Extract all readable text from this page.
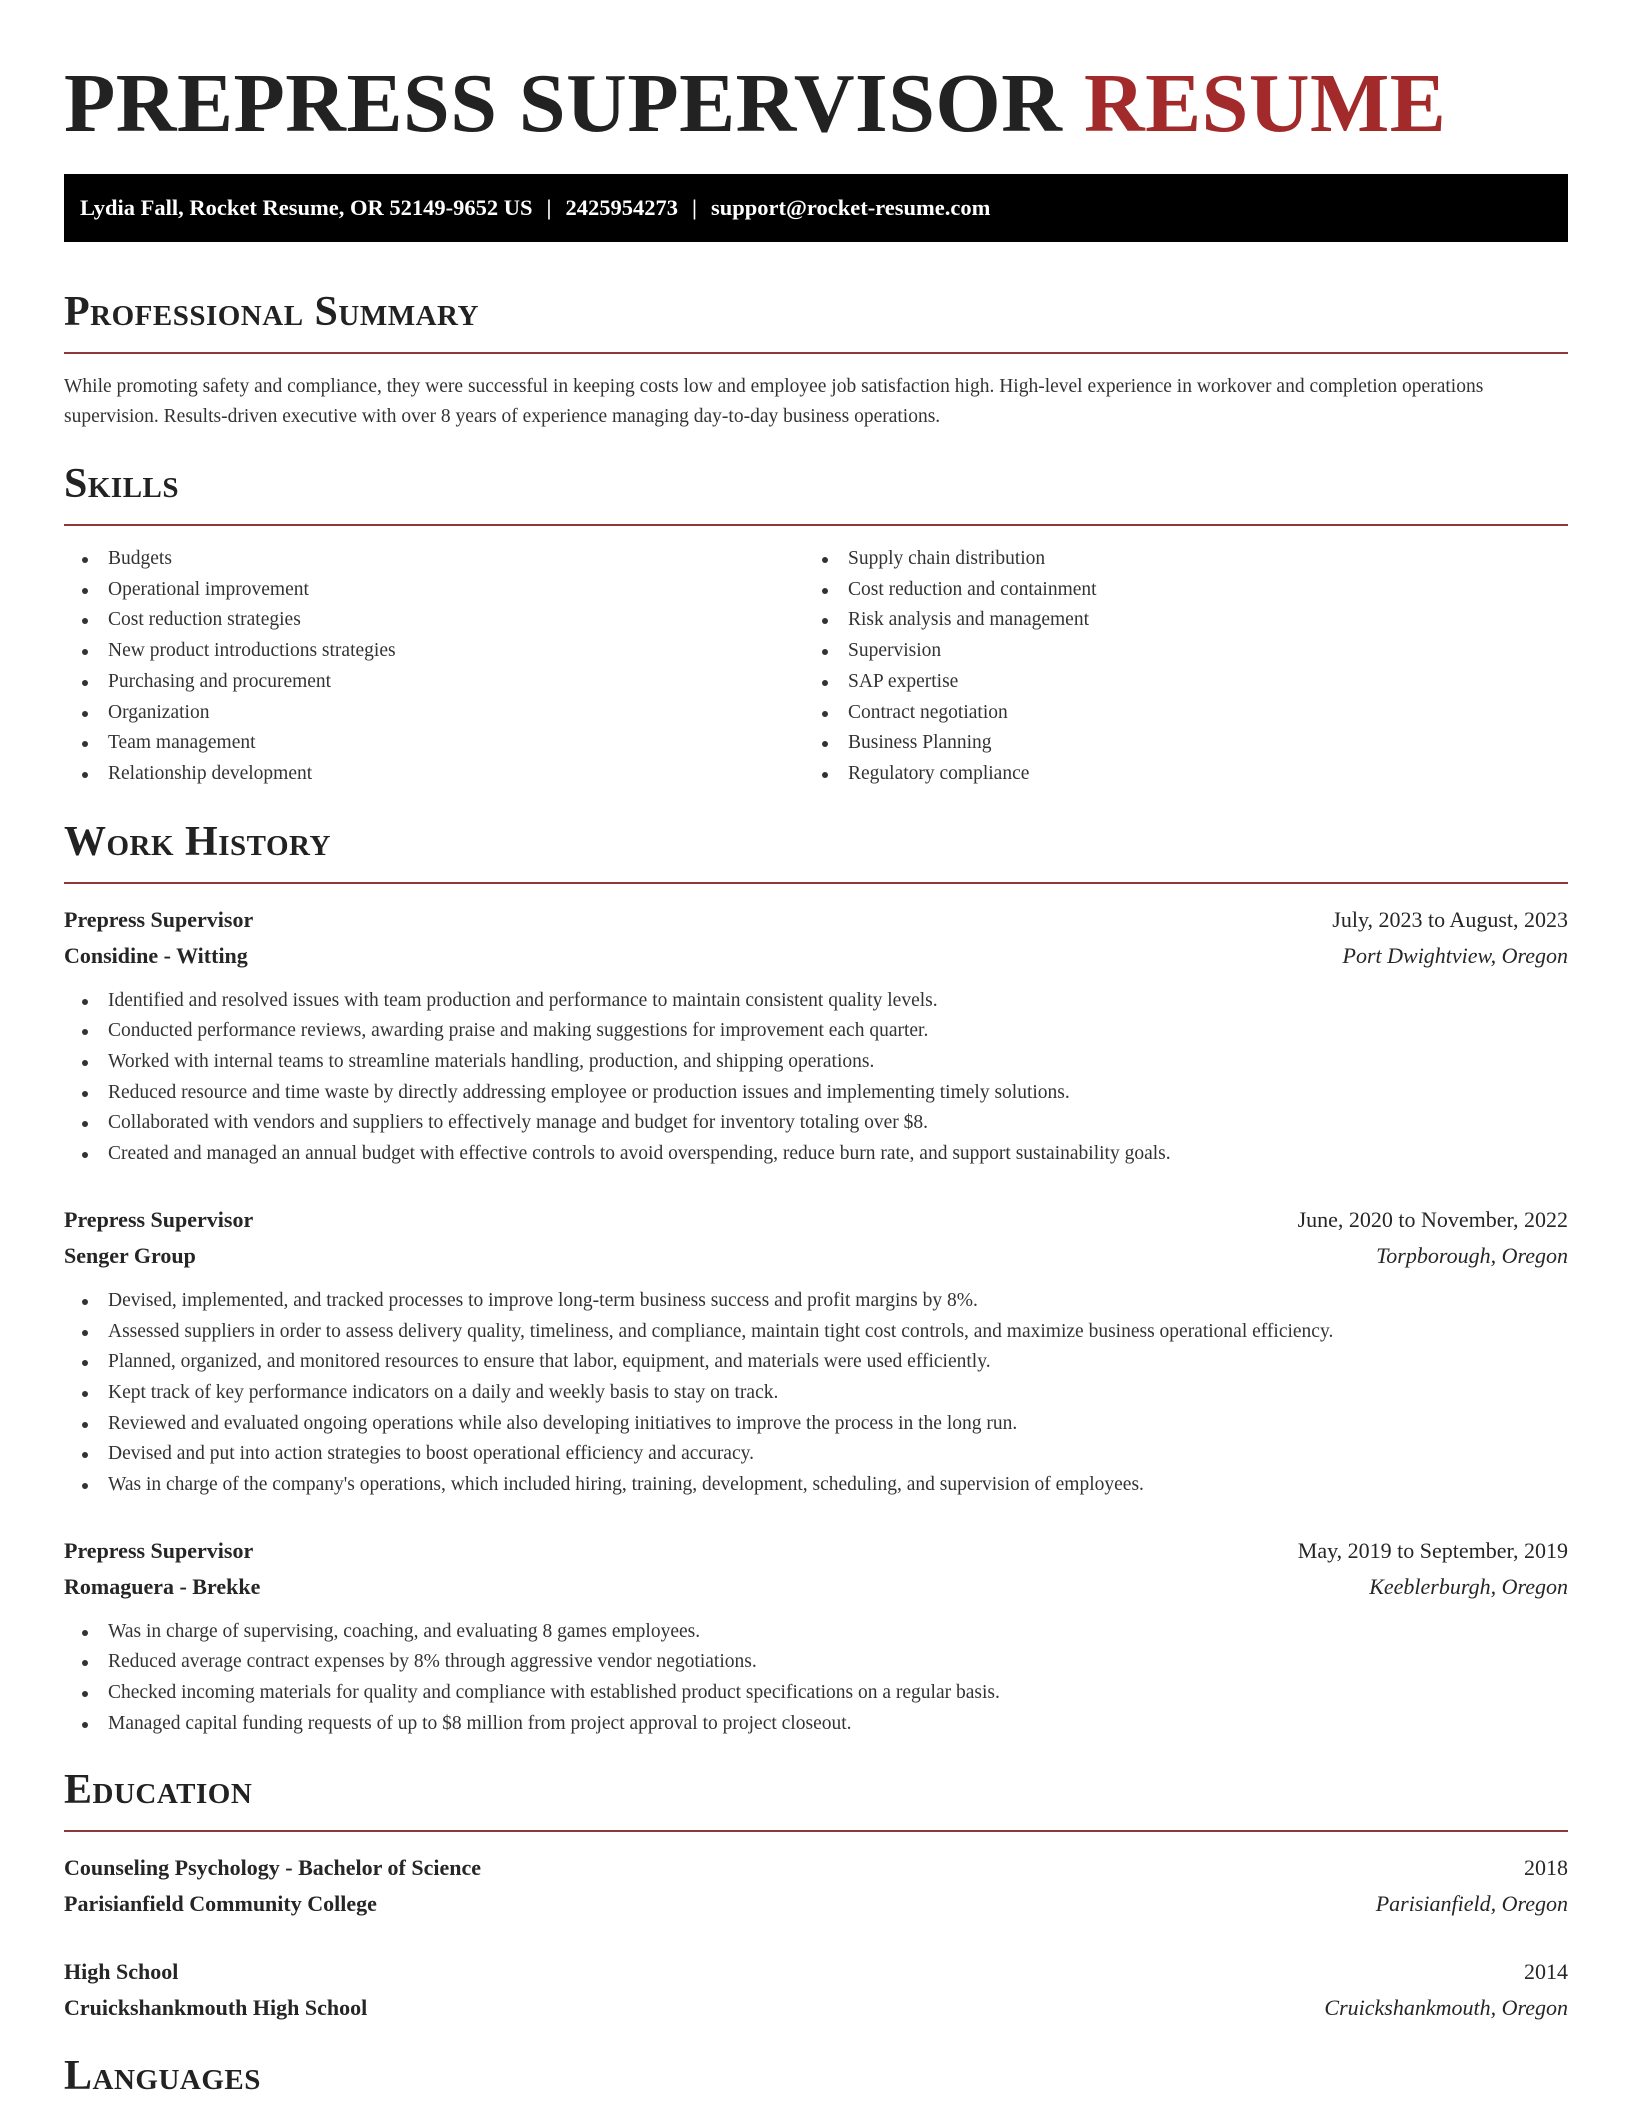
PREPRESS SUPERVISOR RESUME
Lydia Fall, Rocket Resume, OR 52149-9652 US | 2425954273 | support@rocket-resume.com
Professional Summary

While promoting safety and compliance, they were successful in keeping costs low and employee job satisfaction high. High-level experience in workover and completion operations supervision. Results-driven executive with over 8 years of experience managing day-to-day business operations.

Skills
Budgets
Operational improvement
Cost reduction strategies
New product introductions strategies
Purchasing and procurement
Organization
Team management
Relationship development
Supply chain distribution
Cost reduction and containment
Risk analysis and management
Supervision
SAP expertise
Contract negotiation
Business Planning
Regulatory compliance
Work History
Prepress Supervisor	July, 2023 to August, 2023
Considine - Witting	Port Dwightview, Oregon
Identified and resolved issues with team production and performance to maintain consistent quality levels.
Conducted performance reviews, awarding praise and making suggestions for improvement each quarter.
Worked with internal teams to streamline materials handling, production, and shipping operations.
Reduced resource and time waste by directly addressing employee or production issues and implementing timely solutions.
Collaborated with vendors and suppliers to effectively manage and budget for inventory totaling over $8.
Created and managed an annual budget with effective controls to avoid overspending, reduce burn rate, and support sustainability goals.
Prepress Supervisor	June, 2020 to November, 2022
Senger Group	Torpborough, Oregon
Devised, implemented, and tracked processes to improve long-term business success and profit margins by 8%.
Assessed suppliers in order to assess delivery quality, timeliness, and compliance, maintain tight cost controls, and maximize business operational efficiency.
Planned, organized, and monitored resources to ensure that labor, equipment, and materials were used efficiently.
Kept track of key performance indicators on a daily and weekly basis to stay on track.
Reviewed and evaluated ongoing operations while also developing initiatives to improve the process in the long run.
Devised and put into action strategies to boost operational efficiency and accuracy.
Was in charge of the company's operations, which included hiring, training, development, scheduling, and supervision of employees.
Prepress Supervisor	May, 2019 to September, 2019
Romaguera - Brekke	Keeblerburgh, Oregon
Was in charge of supervising, coaching, and evaluating 8 games employees.
Reduced average contract expenses by 8% through aggressive vendor negotiations.
Checked incoming materials for quality and compliance with established product specifications on a regular basis.
Managed capital funding requests of up to $8 million from project approval to project closeout.
Education
Counseling Psychology - Bachelor of Science	2018
Parisianfield Community College	Parisianfield, Oregon
High School	2014
Cruickshankmouth High School	Cruickshankmouth, Oregon
Languages
